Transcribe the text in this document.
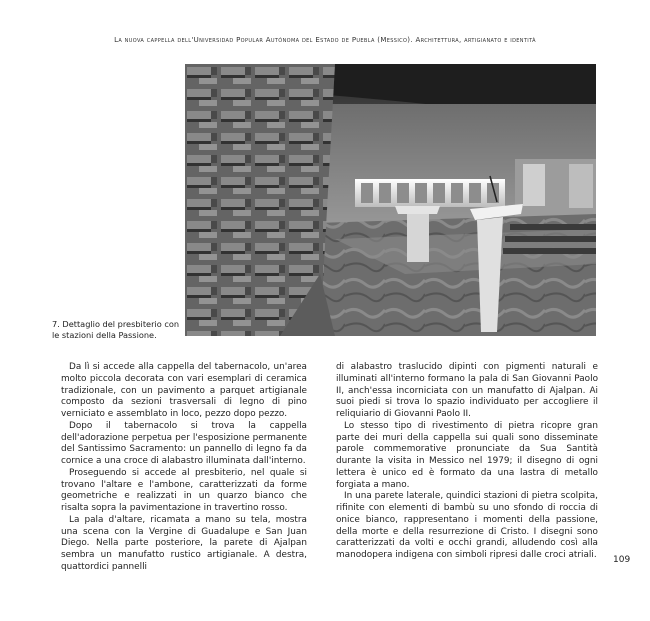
La nuova cappella dell'Universidad Popular Autónoma del Estado de Puebla (Messico). Architettura, artigianato e identità
7. Dettaglio del presbiterio con le stazioni della Passione.

Da lì si accede alla cappella del tabernacolo, un'area molto piccola decorata con vari esemplari di ceramica tradizionale, con un pavimento a parquet artigianale composto da sezioni trasversali di legno di pino verniciato e assemblato in loco, pezzo dopo pezzo.

Dopo il tabernacolo si trova la cappella dell'adorazione perpetua per l'esposizione permanente del Santissimo Sacramento: un pannello di legno fa da cornice a una croce di alabastro illuminata dall'interno.

Proseguendo si accede al presbiterio, nel quale si trovano l'altare e l'ambone, caratterizzati da forme geometriche e realizzati in un quarzo bianco che risalta sopra la pavimentazione in travertino rosso.

La pala d'altare, ricamata a mano su tela, mostra una scena con la Vergine di Guadalupe e San Juan Diego. Nella parte posteriore, la parete di Ajalpan sembra un manufatto rustico artigianale. A destra, quattordici pannelli

di alabastro traslucido dipinti con pigmenti naturali e illuminati all'interno formano la pala di San Giovanni Paolo II, anch'essa incorniciata con un manufatto di Ajalpan. Ai suoi piedi si trova lo spazio individuato per accogliere il reliquiario di Giovanni Paolo II.

Lo stesso tipo di rivestimento di pietra ricopre gran parte dei muri della cappella sui quali sono disseminate parole commemorative pronunciate da Sua Santità durante la visita in Messico nel 1979; il disegno di ogni lettera è unico ed è formato da una lastra di metallo forgiata a mano.

In una parete laterale, quindici stazioni di pietra scolpita, rifinite con elementi di bambù su uno sfondo di roccia di onice bianco, rappresentano i momenti della passione, della morte e della resurrezione di Cristo. I disegni sono caratterizzati da volti e occhi grandi, alludendo così alla manodopera indigena con simboli ripresi dalle croci atriali. 109
